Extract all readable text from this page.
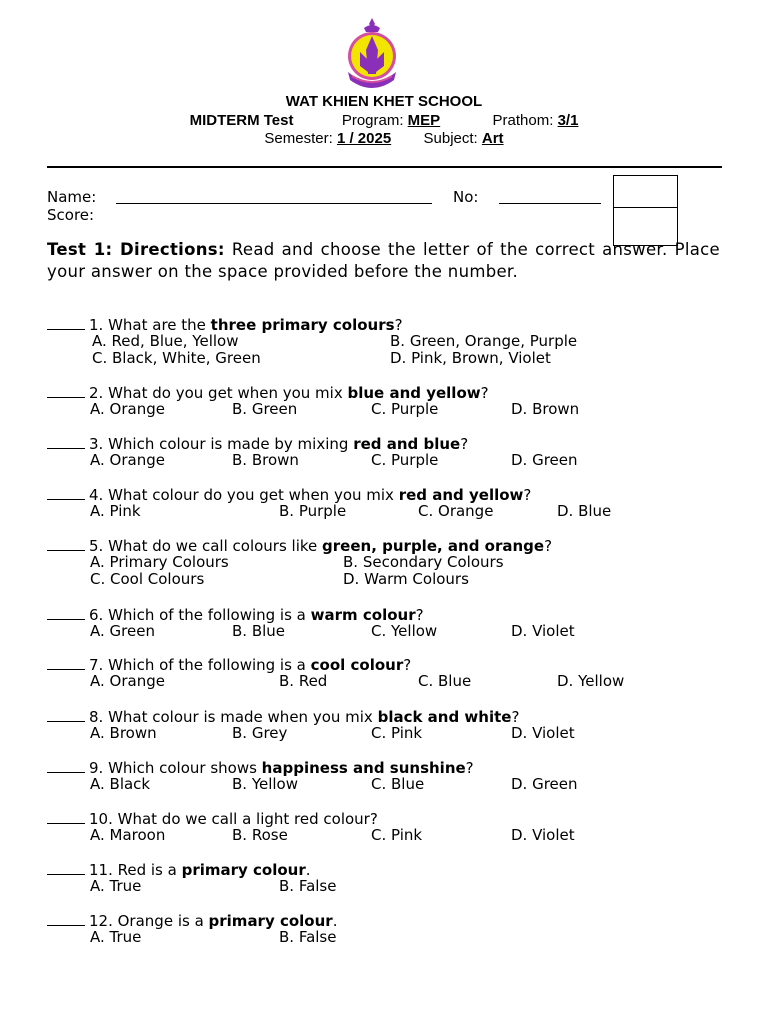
WAT KHIEN KHET SCHOOL
MIDTERM Test	Program: MEP	Prathom: 3/1
Semester: 1 / 2025 Subject: Art
Name:	No:
Score:
Test 1: Directions: Read and choose the letter of the correct answer. Place your answer on the space provided before the number.
1. What are the three primary colours?
A. Red, Blue, Yellow	B. Green, Orange, Purple
C. Black, White, Green	D. Pink, Brown, Violet
2. What do you get when you mix blue and yellow?
A. Orange	B. Green	C. Purple	D. Brown
3. Which colour is made by mixing red and blue?
A. Orange	B. Brown	C. Purple	D. Green
4. What colour do you get when you mix red and yellow?
A. Pink	B. Purple	C. Orange	D. Blue
5. What do we call colours like green, purple, and orange?
A. Primary Colours	B. Secondary Colours
C. Cool Colours	D. Warm Colours
6. Which of the following is a warm colour?
A. Green	B. Blue	C. Yellow	D. Violet
7. Which of the following is a cool colour?
A. Orange	B. Red	C. Blue	D. Yellow
8. What colour is made when you mix black and white?
A. Brown	B. Grey	C. Pink	D. Violet
9. Which colour shows happiness and sunshine?
A. Black	B. Yellow	C. Blue	D. Green
10. What do we call a light red colour?
A. Maroon	B. Rose	C. Pink	D. Violet
11. Red is a primary colour.
A. True	B. False
12. Orange is a primary colour.
A. True	B. False
